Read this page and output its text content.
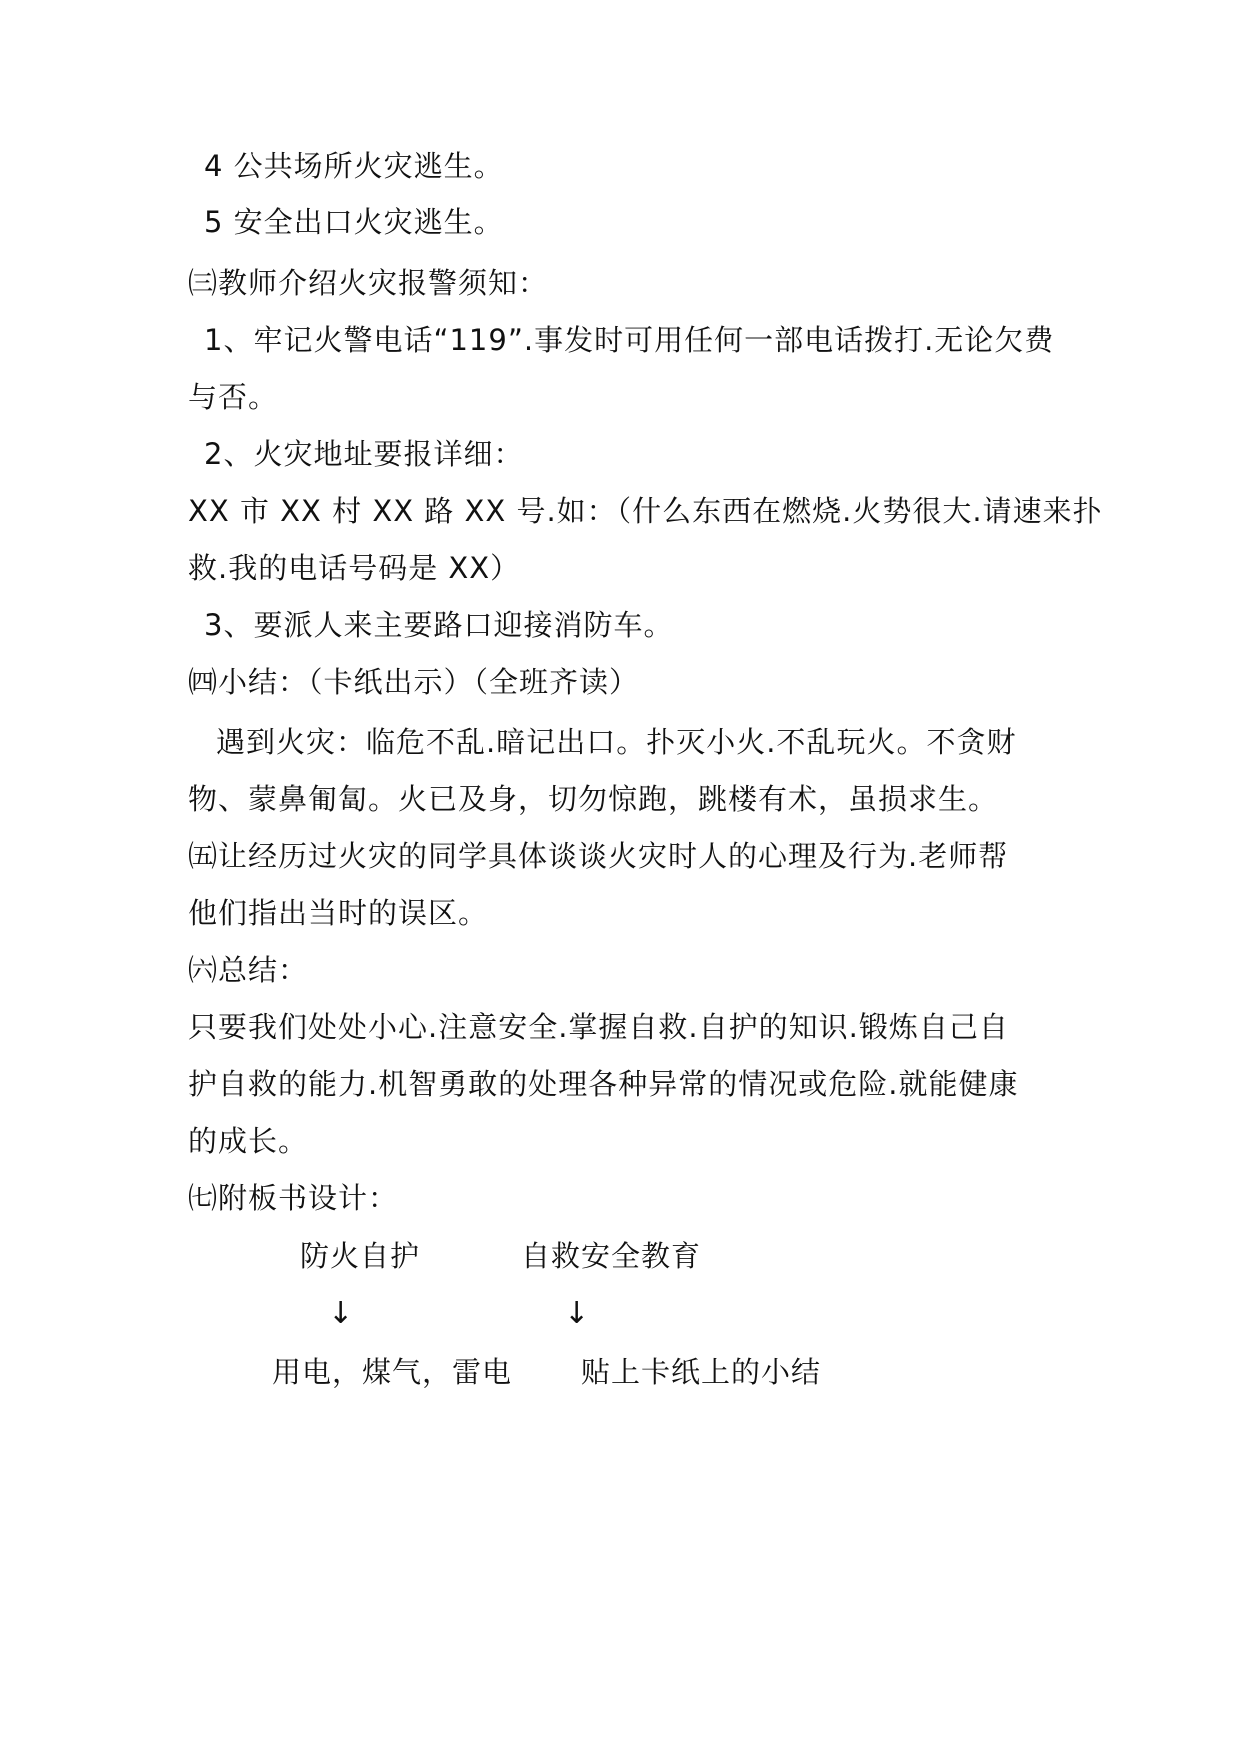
4 公共场所火灾逃生。
5 安全出口火灾逃生。
㈢教师介绍火灾报警须知：
1、牢记火警电话“119”.事发时可用任何一部电话拨打.无论欠费
与否。
2、火灾地址要报详细：
XX 市 XX 村 XX 路 XX 号.如：（什么东西在燃烧.火势很大.请速来扑
救.我的电话号码是 XX）
3、要派人来主要路口迎接消防车。
㈣小结：（卡纸出示）（全班齐读）
遇到火灾：临危不乱.暗记出口。扑灭小火.不乱玩火。不贪财
物、蒙鼻匍匐。火已及身，切勿惊跑，跳楼有术，虽损求生。
㈤让经历过火灾的同学具体谈谈火灾时人的心理及行为.老师帮
他们指出当时的误区。
㈥总结：
只要我们处处小心.注意安全.掌握自救.自护的知识.锻炼自己自
护自救的能力.机智勇敢的处理各种异常的情况或危险.就能健康
的成长。
㈦附板书设计：
防火自护	自救安全教育
↓	↓
用电，煤气，雷电 贴上卡纸上的小结
